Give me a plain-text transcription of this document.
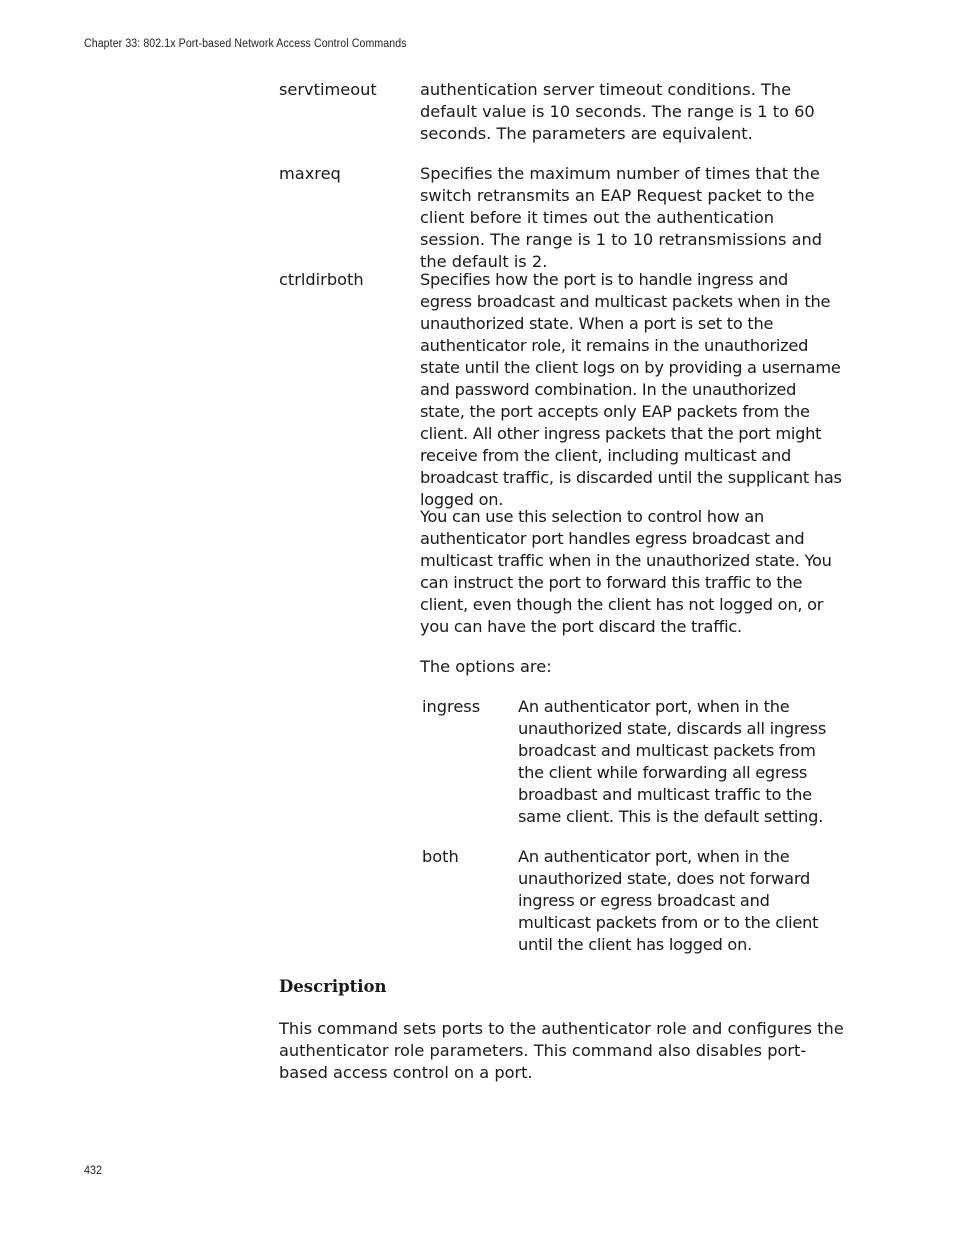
Chapter 33: 802.1x Port-based Network Access Control Commands
servtimeout	authentication server timeout conditions. The default value is 10 seconds. The range is 1 to 60 seconds. The parameters are equivalent.

maxreq	Specifies the maximum number of times that the switch retransmits an EAP Request packet to the client before it times out the authentication session. The range is 1 to 10 retransmissions and the default is 2.

ctrldirboth	Specifies how the port is to handle ingress and egress broadcast and multicast packets when in the unauthorized state. When a port is set to the authenticator role, it remains in the unauthorized state until the client logs on by providing a username and password combination. In the unauthorized state, the port accepts only EAP packets from the client. All other ingress packets that the port might receive from the client, including multicast and broadcast traffic, is discarded until the supplicant has logged on.

You can use this selection to control how an authenticator port handles egress broadcast and multicast traffic when in the unauthorized state. You can instruct the port to forward this traffic to the client, even though the client has not logged on, or you can have the port discard the traffic.

The options are:

ingress An authenticator port, when in the unauthorized state, discards all ingress broadcast and multicast packets from the client while forwarding all egress broadbast and multicast traffic to the same client. This is the default setting.

both	An authenticator port, when in the unauthorized state, does not forward ingress or egress broadcast and multicast packets from or to the client until the client has logged on.

Description
This command sets ports to the authenticator role and configures the authenticator role parameters. This command also disables port-based access control on a port.
432
